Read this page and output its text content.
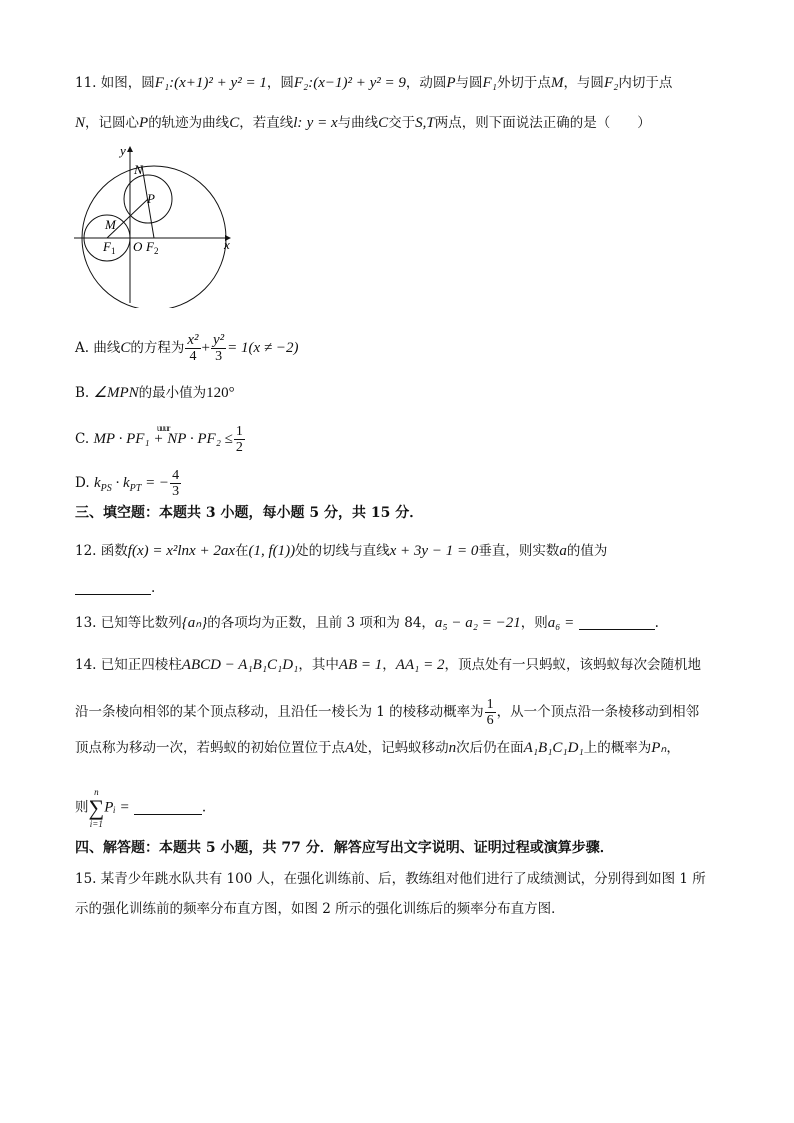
11. 如图，圆F₁:(x+1)² + y² = 1，圆F₂:(x−1)² + y² = 9，动圆P与圆F₁外切于点M，与圆F₂内切于点
N，记圆心P的轨迹为曲线C，若直线l: y = x与曲线C交于S,T两点，则下面说法正确的是（　　）
y
x
N
P
M
$F_1$ O $F_2$
A. 曲线C的方程为 $\frac{\text{x²}}{4} + \frac{\text{y²}}{3} = 1(x \ne -2)$
B. ∠MPN的最小值为120°
C.
uuur
MP · PF₁ + NP · $PF_2 \le \frac{1}{2}$
D. $k_{PS} \cdot k_{PT}$ = − $\frac{4}{3}$
三、填空题：本题共 3 小题，每小题 5 分，共 15 分．
12. 函数f(x) = x²lnx + 2ax在(1, f(1))处的切线与直线x + 3y − 1 = 0垂直，则实数a的值为
.
13. 已知等比数列{aₙ}的各项均为正数，且前 3 项和为 84，a₅ − a₂ = −21，则a₆ =	.
14. 已知正四棱柱ABCD − A₁B₁C₁D₁，其中AB = 1，AA₁ = 2，顶点处有一只蚂蚁，该蚂蚁每次会随机地
沿一条棱向相邻的某个顶点移动，且沿任一棱长为 1 的棱移动概率为 $\frac{1}{6}$ ，从一个顶点沿一条棱移动到相邻
顶点称为移动一次，若蚂蚁的初始位置位于点A处，记蚂蚁移动n次后仍在面A₁B₁C₁D₁上的概率为Pₙ，
则
n
∑
i=1
Pᵢ =	.
四、解答题：本题共 5 小题，共 77 分．解答应写出文字说明、证明过程或演算步骤．
15. 某青少年跳水队共有 100 人，在强化训练前、后，教练组对他们进行了成绩测试，分别得到如图 1 所
示的强化训练前的频率分布直方图，如图 2 所示的强化训练后的频率分布直方图．
